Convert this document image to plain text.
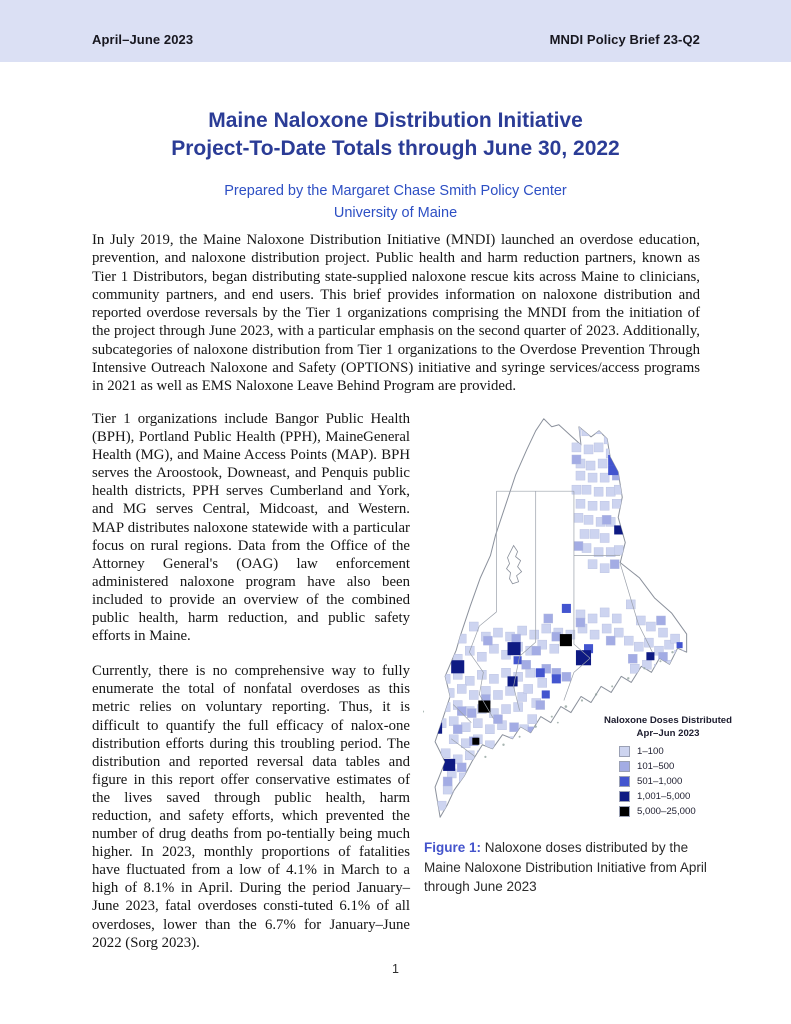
April–June 2023	MNDI Policy Brief 23-Q2
Maine Naloxone Distribution Initiative
Project-To-Date Totals through June 30, 2022
Prepared by the Margaret Chase Smith Policy Center
University of Maine

In July 2019, the Maine Naloxone Distribution Initiative (MNDI) launched an overdose education, prevention, and naloxone distribution project. Public health and harm reduction partners, known as Tier 1 Distributors, began distributing state-supplied naloxone rescue kits across Maine to clinicians, community partners, and end users. This brief provides information on naloxone distribution and reported overdose reversals by the Tier 1 organizations comprising the MNDI from the initiation of the project through June 2023, with a particular emphasis on the second quarter of 2023. Additionally, subcategories of naloxone distribution from Tier 1 organizations to the Overdose Prevention Through Intensive Outreach Naloxone and Safety (OPTIONS) initiative and syringe services/access programs in 2021 as well as EMS Naloxone Leave Behind Program are provided.

Tier 1 organizations include Bangor Public Health (BPH), Portland Public Health (PPH), MaineGeneral Health (MG), and Maine Access Points (MAP). BPH serves the Aroostook, Downeast, and Penquis public health districts, PPH serves Cumberland and York, and MG serves Central, Midcoast, and Western. MAP distributes naloxone statewide with a particular focus on rural regions. Data from the Office of the Attorney General's (OAG) law enforcement administered naloxone program have also been included to provide an overview of the combined public health, harm reduction, and public safety efforts in Maine.

Currently, there is no comprehensive way to fully enumerate the total of nonfatal overdoses as this metric relies on voluntary reporting. Thus, it is difficult to quantify the full efficacy of nalox-one distribution efforts during this troubling period. The distribution and reported reversal data tables and figure in this report offer conservative estimates of the lives saved through public health, harm reduction, and safety efforts, which prevented the number of drug deaths from po-tentially being much higher. In 2023, monthly proportions of fatalities have fluctuated from a low of 4.1% in March to a high of 8.1% in April. During the period January–June 2023, fatal overdoses consti-tuted 6.1% of all overdoses, lower than the 6.7% for January–June 2022 (Sorg 2023).

Naloxone Doses Distributed
Apr–Jun 2023
1–100
101–500
501–1,000
1,001–5,000
5,000–25,000
Figure 1: Naloxone doses distributed by the Maine Naloxone Distribution Initiative from April through June 2023
1
